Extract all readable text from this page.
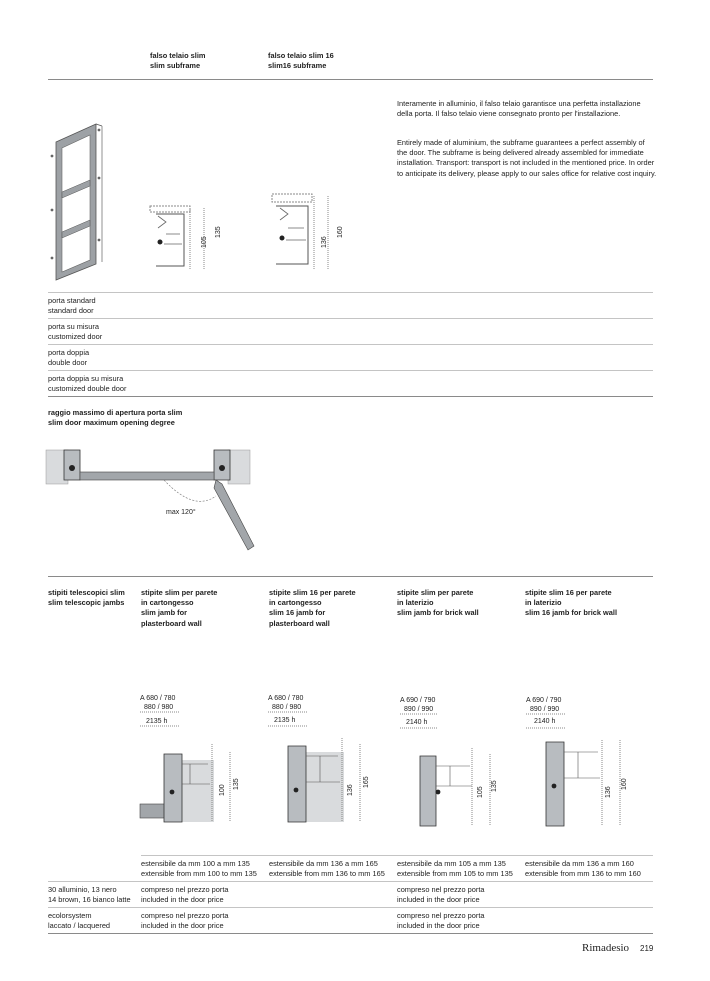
falso telaio slim
slim subframe
falso telaio slim 16
slim16 subframe
Interamente in alluminio, il falso telaio garantisce una perfetta installazione della porta. Il falso telaio viene consegnato pronto per l'installazione.
Entirely made of aluminium, the subframe guarantees a perfect assembly of the door. The subframe is being delivered already assembled for immediate installation. Transport: transport is not included in the mentioned price. In order to anticipate its delivery, please apply to our sales office for relative cost inquiry.
105
135
136
160
porta standard
standard door
porta su misura
customized door
porta doppia
double door
porta doppia su misura
customized double door
raggio massimo di apertura porta slim
slim door maximum opening degree
max 120°
stipiti telescopici slim
slim telescopic jambs
stipite slim per parete
in cartongesso
slim jamb for
plasterboard wall
stipite slim 16 per parete
in cartongesso
slim 16 jamb for
plasterboard wall
stipite slim per parete
in laterizio
slim jamb for brick wall
stipite slim 16 per parete
in laterizio
slim 16 jamb for brick wall
A 680 / 780
880 / 980
2135 h
100
135
A 680 / 780
880 / 980
2135 h
136
165
A 690 / 790
890 / 990
2140 h
105
135
A 690 / 790
890 / 990
2140 h
136
160
estensibile da mm 100 a mm 135
extensible from mm 100 to mm 135
estensibile da mm 136 a mm 165
extensible from mm 136 to mm 165
estensibile da mm 105 a mm 135
extensible from mm 105 to mm 135
estensibile da mm 136 a mm 160
extensible from mm 136 to mm 160
30 alluminio, 13 nero
14 brown, 16 bianco latte
compreso nel prezzo porta
included in the door price
compreso nel prezzo porta
included in the door price
ecolorsystem
laccato / lacquered
compreso nel prezzo porta
included in the door price
compreso nel prezzo porta
included in the door price
Rimadesio 219
